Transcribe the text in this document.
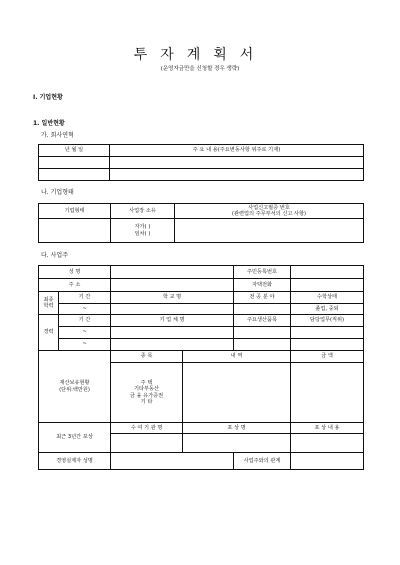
투자계획서
(운영자금만을 신청할 경우 생략)
I. 기업현황
1. 일반현황
가. 회사연혁
년 월 일	주 요 내 용(주요변동사항 위주로 기재)

나. 기업형태
기업형태	사업장 소유	사업신고필증 번호
(관련업의 주무부서의 신고 사항)
	자가( )
임차( )	
다. 사업주
성 명				주민등록번호	
주 소				자택전화	
최종
학력	기 간	학 교 명		전 공 분 야	수학상태
	~				졸업, 중퇴
경력	기 간	기 업 체 명		주요생산품목	담당업무(직위)
	~				
	~				
재산보유현황
(단위:백만원)		종 목	내 역		금 액
		주 택
기타부동산
금 융 유가증권
기 타			
최근 3년간 포상		수 여 기 관 명	포 상 명		포 상 내 용

경영실제자 성명				사업주와의 관계	
